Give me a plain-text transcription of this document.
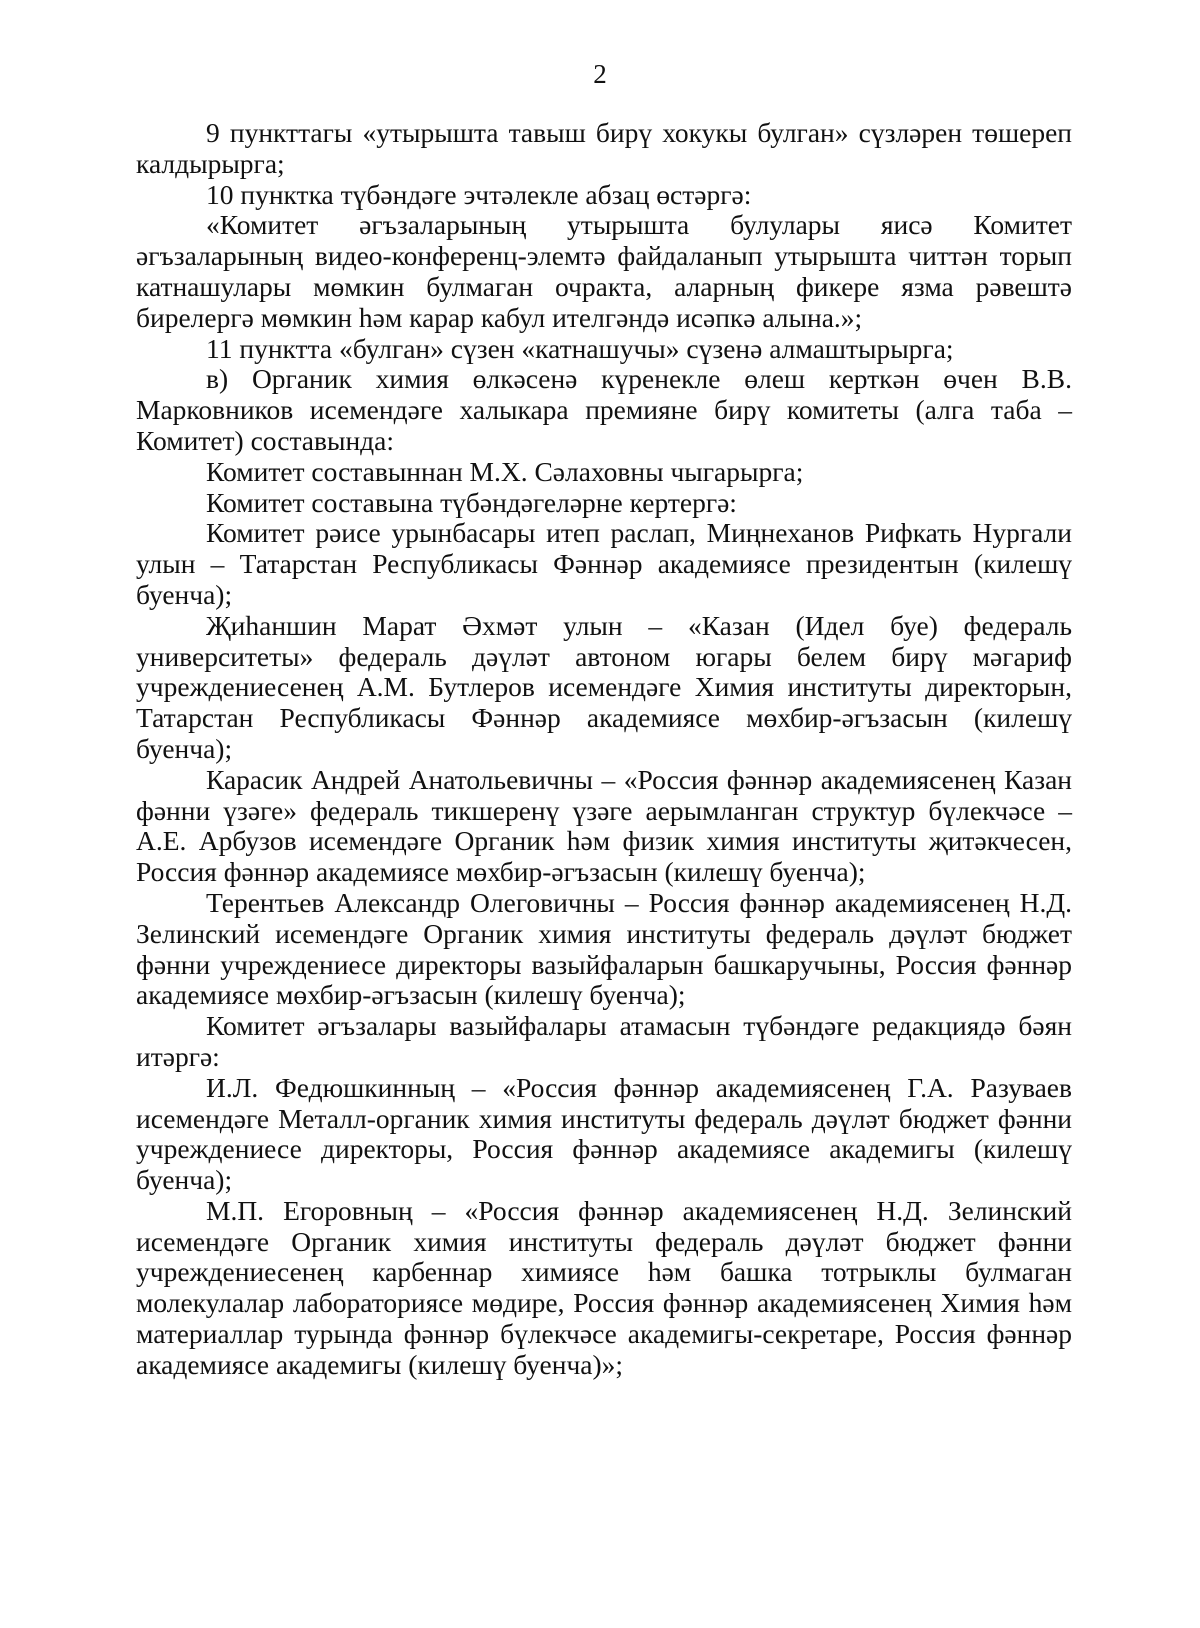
2

9 пункттагы «утырышта тавыш бирү хокукы булган» сүзләрен төшереп калдырырга;

10 пунктка түбәндәге эчтәлекле абзац өстәргә:

«Комитет әгъзаларының утырышта булулары яисә Комитет әгъзаларының видео-конференц-элемтә файдаланып утырышта читтән торып катнашулары мөмкин булмаган очракта, аларның фикере язма рәвештә бирелергә мөмкин һәм карар кабул ителгәндә исәпкә алына.»;

11 пунктта «булган» сүзен «катнашучы» сүзенә алмаштырырга;

в) Органик химия өлкәсенә күренекле өлеш керткән өчен В.В. Марковников исемендәге халыкара премияне бирү комитеты (алга таба – Комитет) составында:

Комитет составыннан М.Х. Сәлаховны чыгарырга;

Комитет составына түбәндәгеләрне кертергә:

Комитет рәисе урынбасары итеп раслап, Миңнеханов Рифкать Нургали улын – Татарстан Республикасы Фәннәр академиясе президентын (килешү буенча);

Җиһаншин Марат Әхмәт улын – «Казан (Идел буе) федераль университеты» федераль дәүләт автоном югары белем бирү мәгариф учреждениесенең А.М. Бутлеров исемендәге Химия институты директорын, Татарстан Республикасы Фәннәр академиясе мөхбир-әгъзасын (килешү буенча);

Карасик Андрей Анатольевичны – «Россия фәннәр академиясенең Казан фәнни үзәге» федераль тикшеренү үзәге аерымланган структур бүлекчәсе – А.Е. Арбузов исемендәге Органик һәм физик химия институты җитәкчесен, Россия фәннәр академиясе мөхбир-әгъзасын (килешү буенча);

Терентьев Александр Олеговичны – Россия фәннәр академиясенең Н.Д. Зелинский исемендәге Органик химия институты федераль дәүләт бюджет фәнни учреждениесе директоры вазыйфаларын башкаручыны, Россия фәннәр академиясе мөхбир-әгъзасын (килешү буенча);

Комитет әгъзалары вазыйфалары атамасын түбәндәге редакциядә бәян итәргә:

И.Л. Федюшкинның – «Россия фәннәр академиясенең Г.А. Разуваев исемендәге Металл-органик химия институты федераль дәүләт бюджет фәнни учреждениесе директоры, Россия фәннәр академиясе академигы (килешү буенча);

М.П. Егоровның – «Россия фәннәр академиясенең Н.Д. Зелинский исемендәге Органик химия институты федераль дәүләт бюджет фәнни учреждениесенең карбеннар химиясе һәм башка тотрыклы булмаган молекулалар лабораториясе мөдире, Россия фәннәр академиясенең Химия һәм материаллар турында фәннәр бүлекчәсе академигы-секретаре, Россия фәннәр академиясе академигы (килешү буенча)»;
